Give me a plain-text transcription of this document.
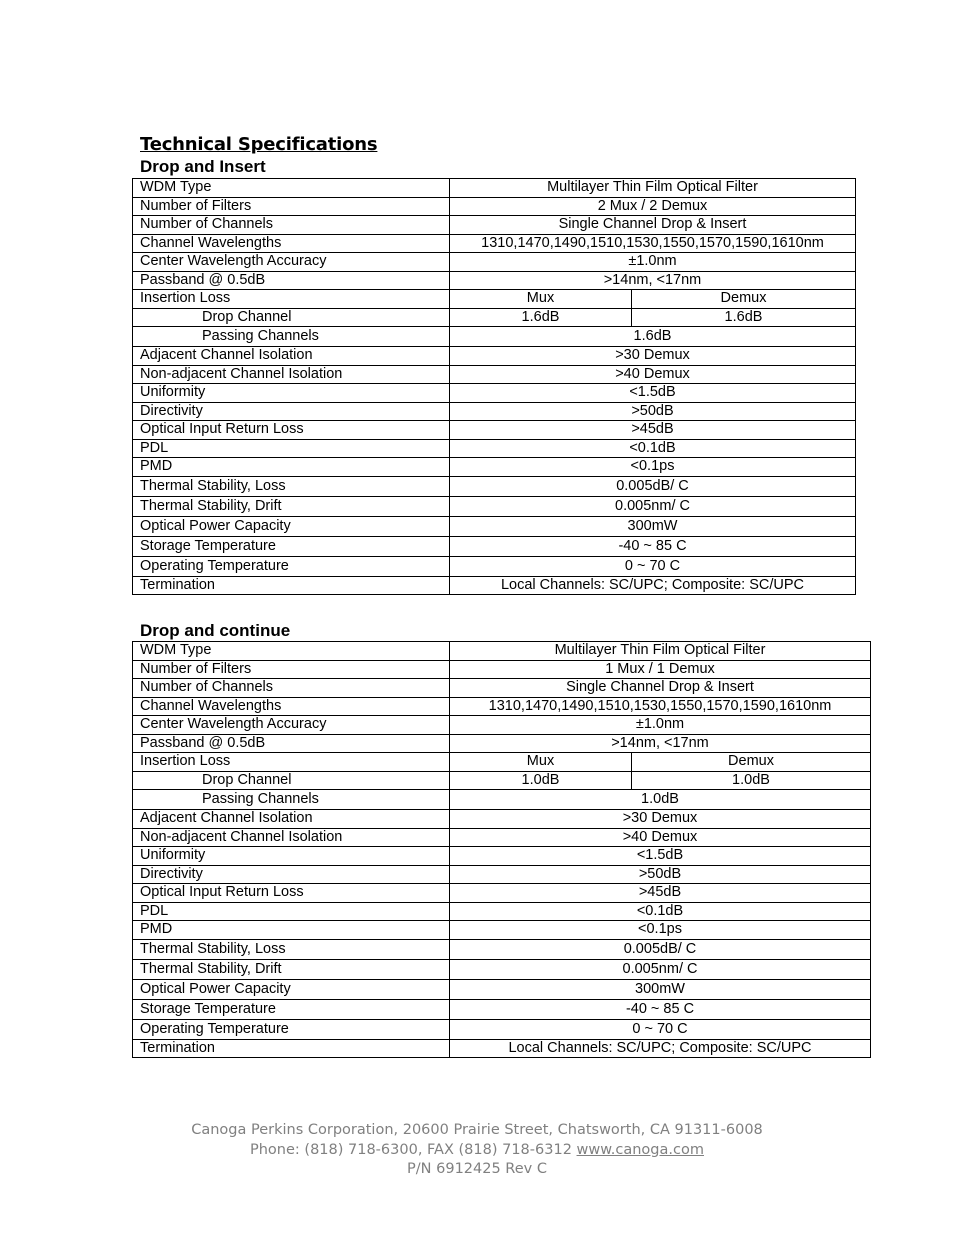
Technical Specifications
Drop and Insert
WDM Type	Multilayer Thin Film Optical Filter	
Number of Filters	2 Mux / 2 Demux	
Number of Channels	Single Channel Drop & Insert	
Channel Wavelengths	1310,1470,1490,1510,1530,1550,1570,1590,1610nm	
Center Wavelength Accuracy	±1.0nm	
Passband @ 0.5dB	>14nm, <17nm	
Insertion Loss	Mux	Demux
Drop Channel	1.6dB	1.6dB
Passing Channels	1.6dB	
Adjacent Channel Isolation	>30 Demux	
Non-adjacent Channel Isolation	>40 Demux	
Uniformity	<1.5dB	
Directivity	>50dB	
Optical Input Return Loss	>45dB	
PDL	<0.1dB	
PMD	<0.1ps	
Thermal Stability, Loss	0.005dB/ C	
Thermal Stability, Drift	0.005nm/ C	
Optical Power Capacity	300mW	
Storage Temperature	-40 ~ 85 C	
Operating Temperature	0 ~ 70 C	
Termination	Local Channels: SC/UPC; Composite: SC/UPC	
Drop and continue
WDM Type	Multilayer Thin Film Optical Filter	
Number of Filters	1 Mux / 1 Demux	
Number of Channels	Single Channel Drop & Insert	
Channel Wavelengths	1310,1470,1490,1510,1530,1550,1570,1590,1610nm	
Center Wavelength Accuracy	±1.0nm	
Passband @ 0.5dB	>14nm, <17nm	
Insertion Loss	Mux	Demux
Drop Channel	1.0dB	1.0dB
Passing Channels	1.0dB	
Adjacent Channel Isolation	>30 Demux	
Non-adjacent Channel Isolation	>40 Demux	
Uniformity	<1.5dB	
Directivity	>50dB	
Optical Input Return Loss	>45dB	
PDL	<0.1dB	
PMD	<0.1ps	
Thermal Stability, Loss	0.005dB/ C	
Thermal Stability, Drift	0.005nm/ C	
Optical Power Capacity	300mW	
Storage Temperature	-40 ~ 85 C	
Operating Temperature	0 ~ 70 C	
Termination	Local Channels: SC/UPC; Composite: SC/UPC	
Canoga Perkins Corporation, 20600 Prairie Street, Chatsworth, CA 91311-6008
Phone: (818) 718-6300, FAX (818) 718-6312 www.canoga.com
P/N 6912425 Rev C
